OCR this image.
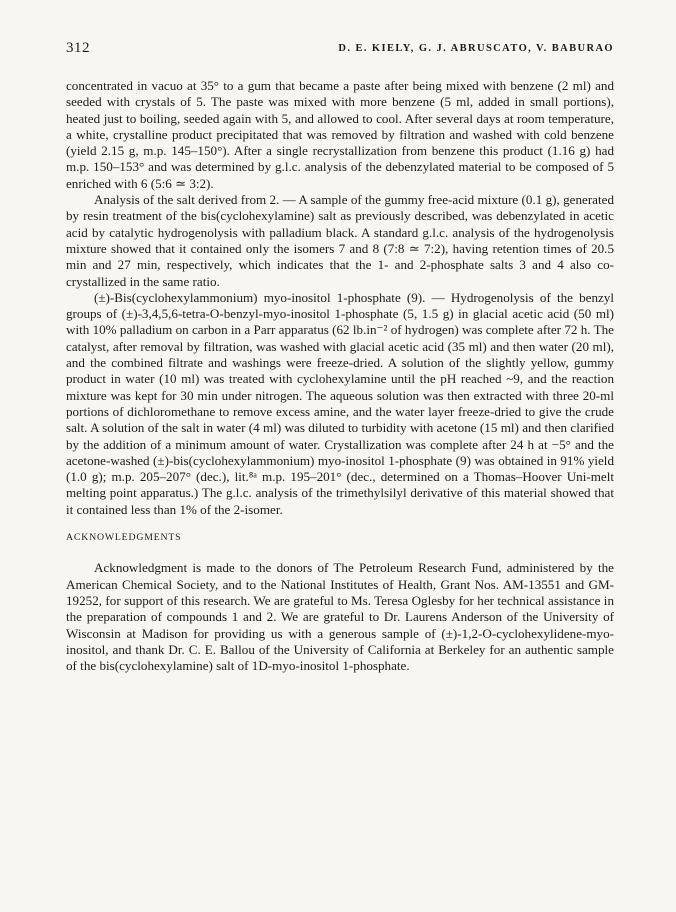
312	D. E. KIELY, G. J. ABRUSCATO, V. BABURAO

concentrated in vacuo at 35° to a gum that became a paste after being mixed with benzene (2 ml) and seeded with crystals of 5. The paste was mixed with more benzene (5 ml, added in small portions), heated just to boiling, seeded again with 5, and allowed to cool. After several days at room temperature, a white, crystalline product precipitated that was removed by filtration and washed with cold benzene (yield 2.15 g, m.p. 145–150°). After a single recrystallization from benzene this product (1.16 g) had m.p. 150–153° and was determined by g.l.c. analysis of the debenzylated material to be composed of 5 enriched with 6 (5:6 ≃ 3:2).

Analysis of the salt derived from 2. — A sample of the gummy free-acid mixture (0.1 g), generated by resin treatment of the bis(cyclohexylamine) salt as previously described, was debenzylated in acetic acid by catalytic hydrogenolysis with palladium black. A standard g.l.c. analysis of the hydrogenolysis mixture showed that it contained only the isomers 7 and 8 (7:8 ≃ 7:2), having retention times of 20.5 min and 27 min, respectively, which indicates that the 1- and 2-phosphate salts 3 and 4 also co-crystallized in the same ratio.

(±)-Bis(cyclohexylammonium) myo-inositol 1-phosphate (9). — Hydrogenolysis of the benzyl groups of (±)-3,4,5,6-tetra-O-benzyl-myo-inositol 1-phosphate (5, 1.5 g) in glacial acetic acid (50 ml) with 10% palladium on carbon in a Parr apparatus (62 lb.in⁻² of hydrogen) was complete after 72 h. The catalyst, after removal by filtration, was washed with glacial acetic acid (35 ml) and then water (20 ml), and the combined filtrate and washings were freeze-dried. A solution of the slightly yellow, gummy product in water (10 ml) was treated with cyclohexylamine until the pH reached ~9, and the reaction mixture was kept for 30 min under nitrogen. The aqueous solution was then extracted with three 20-ml portions of dichloromethane to remove excess amine, and the water layer freeze-dried to give the crude salt. A solution of the salt in water (4 ml) was diluted to turbidity with acetone (15 ml) and then clarified by the addition of a minimum amount of water. Crystallization was complete after 24 h at −5° and the acetone-washed (±)-bis(cyclohexylammonium) myo-inositol 1-phosphate (9) was obtained in 91% yield (1.0 g); m.p. 205–207° (dec.), lit.⁸ᵃ m.p. 195–201° (dec., determined on a Thomas–Hoover Uni-melt melting point apparatus.) The g.l.c. analysis of the trimethylsilyl derivative of this material showed that it contained less than 1% of the 2-isomer.

ACKNOWLEDGMENTS

Acknowledgment is made to the donors of The Petroleum Research Fund, administered by the American Chemical Society, and to the National Institutes of Health, Grant Nos. AM-13551 and GM-19252, for support of this research. We are grateful to Ms. Teresa Oglesby for her technical assistance in the preparation of compounds 1 and 2. We are grateful to Dr. Laurens Anderson of the University of Wisconsin at Madison for providing us with a generous sample of (±)-1,2-O-cyclohexylidene-myo-inositol, and thank Dr. C. E. Ballou of the University of California at Berkeley for an authentic sample of the bis(cyclohexylamine) salt of 1D-myo-inositol 1-phosphate.
